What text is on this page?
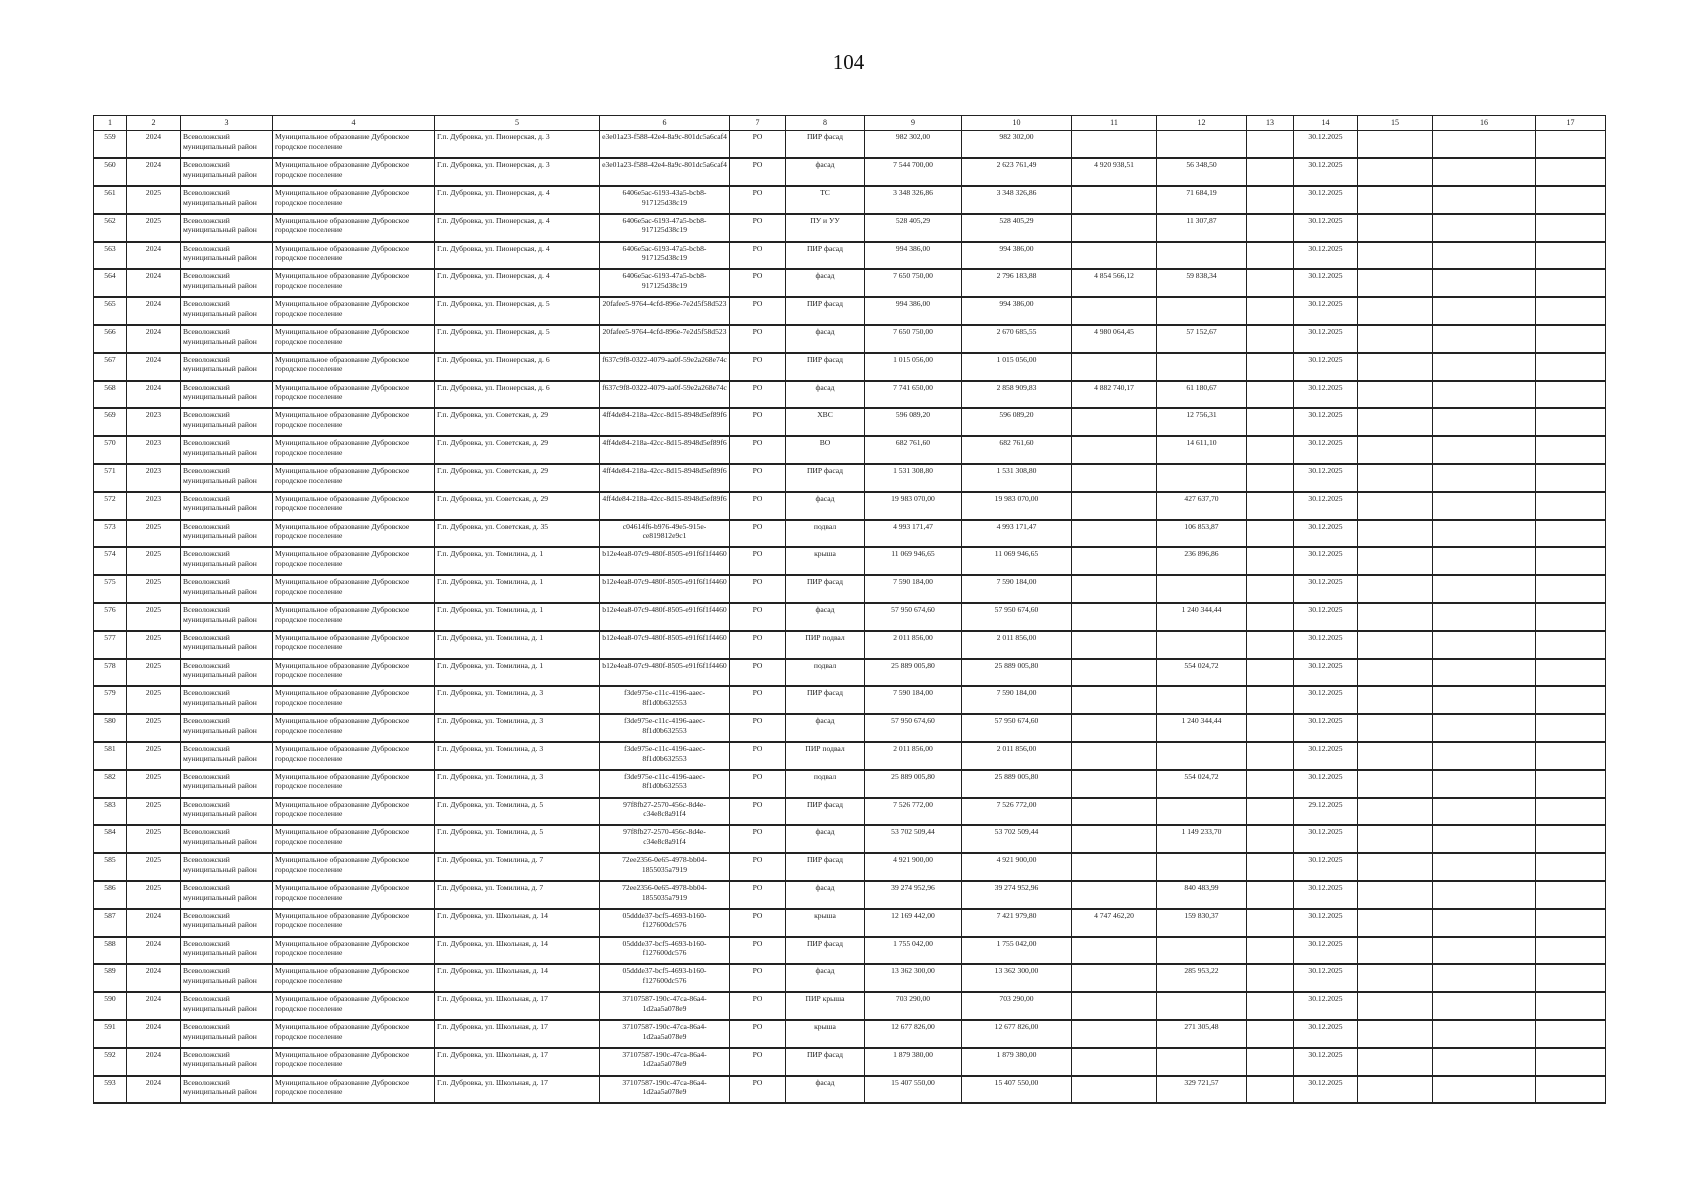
104
1	2	3	4	5	6	7	8	9	10	11	12	13	14	15	16	17
559	2024	Всеволожский муниципальный район	Муниципальное образование Дубровское городское поселение	Г.п. Дубровка, ул. Пионерская, д. 3	e3e01a23-f588-42e4-8a9c-801dc5a6caf4	РО	ПИР фасад	982 302,00	982 302,00				30.12.2025			
560	2024	Всеволожский муниципальный район	Муниципальное образование Дубровское городское поселение	Г.п. Дубровка, ул. Пионерская, д. 3	e3e01a23-f588-42e4-8a9c-801dc5a6caf4	РО	фасад	7 544 700,00	2 623 761,49	4 920 938,51	56 348,50		30.12.2025			
561	2025	Всеволожский муниципальный район	Муниципальное образование Дубровское городское поселение	Г.п. Дубровка, ул. Пионерская, д. 4	6406e5ac-6193-43a5-bcb8-917125d38c19	РО	ТС	3 348 326,86	3 348 326,86		71 684,19		30.12.2025			
562	2025	Всеволожский муниципальный район	Муниципальное образование Дубровское городское поселение	Г.п. Дубровка, ул. Пионерская, д. 4	6406e5ac-6193-47a5-bcb8-917125d38c19	РО	ПУ и УУ	528 405,29	528 405,29		11 307,87		30.12.2025			
563	2024	Всеволожский муниципальный район	Муниципальное образование Дубровское городское поселение	Г.п. Дубровка, ул. Пионерская, д. 4	6406e5ac-6193-47a5-bcb8-917125d38c19	РО	ПИР фасад	994 386,00	994 386,00				30.12.2025			
564	2024	Всеволожский муниципальный район	Муниципальное образование Дубровское городское поселение	Г.п. Дубровка, ул. Пионерская, д. 4	6406e5ac-6193-47a5-bcb8-917125d38c19	РО	фасад	7 650 750,00	2 796 183,88	4 854 566,12	59 838,34		30.12.2025			
565	2024	Всеволожский муниципальный район	Муниципальное образование Дубровское городское поселение	Г.п. Дубровка, ул. Пионерская, д. 5	20fafee5-9764-4cfd-896e-7e2d5f58d523	РО	ПИР фасад	994 386,00	994 386,00				30.12.2025			
566	2024	Всеволожский муниципальный район	Муниципальное образование Дубровское городское поселение	Г.п. Дубровка, ул. Пионерская, д. 5	20fafee5-9764-4cfd-896e-7e2d5f58d523	РО	фасад	7 650 750,00	2 670 685,55	4 980 064,45	57 152,67		30.12.2025			
567	2024	Всеволожский муниципальный район	Муниципальное образование Дубровское городское поселение	Г.п. Дубровка, ул. Пионерская, д. 6	f637c9f8-0322-4079-aa0f-59e2a268e74c	РО	ПИР фасад	1 015 056,00	1 015 056,00				30.12.2025			
568	2024	Всеволожский муниципальный район	Муниципальное образование Дубровское городское поселение	Г.п. Дубровка, ул. Пионерская, д. 6	f637c9f8-0322-4079-aa0f-59e2a268e74c	РО	фасад	7 741 650,00	2 858 909,83	4 882 740,17	61 180,67		30.12.2025			
569	2023	Всеволожский муниципальный район	Муниципальное образование Дубровское городское поселение	Г.п. Дубровка, ул. Советская, д. 29	4ff4de84-218a-42cc-8d15-8948d5ef89f6	РО	ХВС	596 089,20	596 089,20		12 756,31		30.12.2025			
570	2023	Всеволожский муниципальный район	Муниципальное образование Дубровское городское поселение	Г.п. Дубровка, ул. Советская, д. 29	4ff4de84-218a-42cc-8d15-8948d5ef89f6	РО	ВО	682 761,60	682 761,60		14 611,10		30.12.2025			
571	2023	Всеволожский муниципальный район	Муниципальное образование Дубровское городское поселение	Г.п. Дубровка, ул. Советская, д. 29	4ff4de84-218a-42cc-8d15-8948d5ef89f6	РО	ПИР фасад	1 531 308,80	1 531 308,80				30.12.2025			
572	2023	Всеволожский муниципальный район	Муниципальное образование Дубровское городское поселение	Г.п. Дубровка, ул. Советская, д. 29	4ff4de84-218a-42cc-8d15-8948d5ef89f6	РО	фасад	19 983 070,00	19 983 070,00		427 637,70		30.12.2025			
573	2025	Всеволожский муниципальный район	Муниципальное образование Дубровское городское поселение	Г.п. Дубровка, ул. Советская, д. 35	c04614f6-b976-49e5-915e-ce819812e9c1	РО	подвал	4 993 171,47	4 993 171,47		106 853,87		30.12.2025			
574	2025	Всеволожский муниципальный район	Муниципальное образование Дубровское городское поселение	Г.п. Дубровка, ул. Томилина, д. 1	b12e4ea8-07c9-480f-8505-e91f6f1f4460	РО	крыша	11 069 946,65	11 069 946,65		236 896,86		30.12.2025			
575	2025	Всеволожский муниципальный район	Муниципальное образование Дубровское городское поселение	Г.п. Дубровка, ул. Томилина, д. 1	b12e4ea8-07c9-480f-8505-e91f6f1f4460	РО	ПИР фасад	7 590 184,00	7 590 184,00				30.12.2025			
576	2025	Всеволожский муниципальный район	Муниципальное образование Дубровское городское поселение	Г.п. Дубровка, ул. Томилина, д. 1	b12e4ea8-07c9-480f-8505-e91f6f1f4460	РО	фасад	57 950 674,60	57 950 674,60		1 240 344,44		30.12.2025			
577	2025	Всеволожский муниципальный район	Муниципальное образование Дубровское городское поселение	Г.п. Дубровка, ул. Томилина, д. 1	b12e4ea8-07c9-480f-8505-e91f6f1f4460	РО	ПИР подвал	2 011 856,00	2 011 856,00				30.12.2025			
578	2025	Всеволожский муниципальный район	Муниципальное образование Дубровское городское поселение	Г.п. Дубровка, ул. Томилина, д. 1	b12e4ea8-07c9-480f-8505-e91f6f1f4460	РО	подвал	25 889 005,80	25 889 005,80		554 024,72		30.12.2025			
579	2025	Всеволожский муниципальный район	Муниципальное образование Дубровское городское поселение	Г.п. Дубровка, ул. Томилина, д. 3	f3de975e-c11c-4196-aaec-8f1d0b632553	РО	ПИР фасад	7 590 184,00	7 590 184,00				30.12.2025			
580	2025	Всеволожский муниципальный район	Муниципальное образование Дубровское городское поселение	Г.п. Дубровка, ул. Томилина, д. 3	f3de975e-c11c-4196-aaec-8f1d0b632553	РО	фасад	57 950 674,60	57 950 674,60		1 240 344,44		30.12.2025			
581	2025	Всеволожский муниципальный район	Муниципальное образование Дубровское городское поселение	Г.п. Дубровка, ул. Томилина, д. 3	f3de975e-c11c-4196-aaec-8f1d0b632553	РО	ПИР подвал	2 011 856,00	2 011 856,00				30.12.2025			
582	2025	Всеволожский муниципальный район	Муниципальное образование Дубровское городское поселение	Г.п. Дубровка, ул. Томилина, д. 3	f3de975e-c11c-4196-aaec-8f1d0b632553	РО	подвал	25 889 005,80	25 889 005,80		554 024,72		30.12.2025			
583	2025	Всеволожский муниципальный район	Муниципальное образование Дубровское городское поселение	Г.п. Дубровка, ул. Томилина, д. 5	97f8fb27-2570-456c-8d4e-c34e8c8a91f4	РО	ПИР фасад	7 526 772,00	7 526 772,00				29.12.2025			
584	2025	Всеволожский муниципальный район	Муниципальное образование Дубровское городское поселение	Г.п. Дубровка, ул. Томилина, д. 5	97f8fb27-2570-456c-8d4e-c34e8c8a91f4	РО	фасад	53 702 509,44	53 702 509,44		1 149 233,70		30.12.2025			
585	2025	Всеволожский муниципальный район	Муниципальное образование Дубровское городское поселение	Г.п. Дубровка, ул. Томилина, д. 7	72ee2356-0e65-4978-bb04-1855035a7919	РО	ПИР фасад	4 921 900,00	4 921 900,00				30.12.2025			
586	2025	Всеволожский муниципальный район	Муниципальное образование Дубровское городское поселение	Г.п. Дубровка, ул. Томилина, д. 7	72ee2356-0e65-4978-bb04-1855035a7919	РО	фасад	39 274 952,96	39 274 952,96		840 483,99		30.12.2025			
587	2024	Всеволожский муниципальный район	Муниципальное образование Дубровское городское поселение	Г.п. Дубровка, ул. Школьная, д. 14	05ddde37-bcf5-4693-b160-f127600dc576	РО	крыша	12 169 442,00	7 421 979,80	4 747 462,20	159 830,37		30.12.2025			
588	2024	Всеволожский муниципальный район	Муниципальное образование Дубровское городское поселение	Г.п. Дубровка, ул. Школьная, д. 14	05ddde37-bcf5-4693-b160-f127600dc576	РО	ПИР фасад	1 755 042,00	1 755 042,00				30.12.2025			
589	2024	Всеволожский муниципальный район	Муниципальное образование Дубровское городское поселение	Г.п. Дубровка, ул. Школьная, д. 14	05ddde37-bcf5-4693-b160-f127600dc576	РО	фасад	13 362 300,00	13 362 300,00		285 953,22		30.12.2025			
590	2024	Всеволожский муниципальный район	Муниципальное образование Дубровское городское поселение	Г.п. Дубровка, ул. Школьная, д. 17	37107587-190c-47ca-86a4-1d2aa5a078e9	РО	ПИР крыша	703 290,00	703 290,00				30.12.2025			
591	2024	Всеволожский муниципальный район	Муниципальное образование Дубровское городское поселение	Г.п. Дубровка, ул. Школьная, д. 17	37107587-190c-47ca-86a4-1d2aa5a078e9	РО	крыша	12 677 826,00	12 677 826,00		271 305,48		30.12.2025			
592	2024	Всеволожский муниципальный район	Муниципальное образование Дубровское городское поселение	Г.п. Дубровка, ул. Школьная, д. 17	37107587-190c-47ca-86a4-1d2aa5a078e9	РО	ПИР фасад	1 879 380,00	1 879 380,00				30.12.2025			
593	2024	Всеволожский муниципальный район	Муниципальное образование Дубровское городское поселение	Г.п. Дубровка, ул. Школьная, д. 17	37107587-190c-47ca-86a4-1d2aa5a078e9	РО	фасад	15 407 550,00	15 407 550,00		329 721,57		30.12.2025			
